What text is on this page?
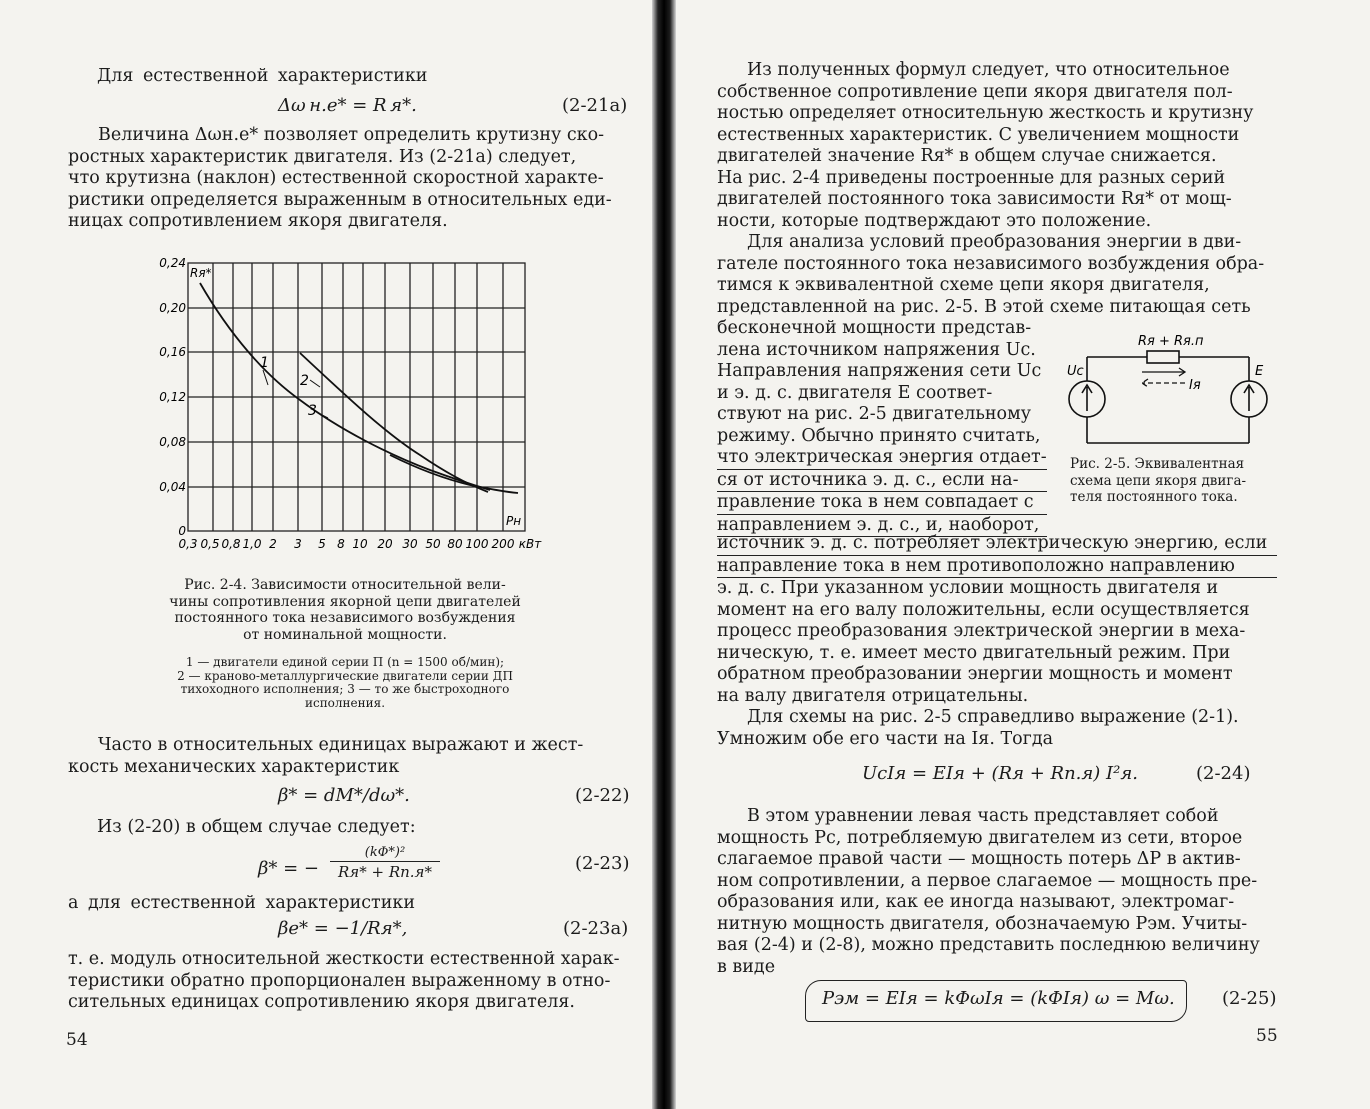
Для естественной характеристики
Δω н.е* = R я*.	(2-21a)
Величина Δωн.е* позволяет определить крутизну ско-
ростных характеристик двигателя. Из (2-21а) следует,
что крутизна (наклон) естественной скоростной характе-
ристики определяется выраженным в относительных еди-
ницах сопротивлением якоря двигателя.
1
2
3
Rя*
Pн
0,24
0,20
0,16
0,12
0,08
0,04
0
0,3 0,5 0,8 1,0 2 3 5 8 10 20 30 50 80 100 200 кВт
Рис. 2-4. Зависимости относительной вели-
чины сопротивления якорной цепи двигателей
постоянного тока независимого возбуждения
от номинальной мощности.
1 — двигатели единой серии П (n = 1500 об/мин);
2 — крановo-металлургические двигатели серии ДП
тихоходного исполнения; 3 — то же быстроходного
исполнения.
Часто в относительных единицах выражают и жест-
кость механических характеристик
β* = dM*/dω*.	(2-22)
Из (2-20) в общем случае следует:
β* = −
(kΦ*)²
Rя* + Rп.я*	(2-23)
а для естественной характеристики
βе* = −1/Rя*,	(2-23а)
т. е. модуль относительной жесткости естественной харак-
теристики обратно пропорционален выраженному в отно-
сительных единицах сопротивлению якоря двигателя.
54
Из полученных формул следует, что относительное
собственное сопротивление цепи якоря двигателя пол-
ностью определяет относительную жесткость и крутизну
естественных характеристик. С увеличением мощности
двигателей значение Rя* в общем случае снижается.
На рис. 2-4 приведены построенные для разных серий
двигателей постоянного тока зависимости Rя* от мощ-
ности, которые подтверждают это положение.
Для анализа условий преобразования энергии в дви-
гателе постоянного тока независимого возбуждения обра-
тимся к эквивалентной схеме цепи якоря двигателя,
представленной на рис. 2-5. В этой схеме питающая сеть
бесконечной мощности представ-
лена источником напряжения Uс.
Направления напряжения сети Uс
и э. д. с. двигателя E соответ-
ствуют на рис. 2-5 двигательному
режиму. Обычно принято считать,
что электрическая энергия отдает-
ся от источника э. д. с., если на-
правление тока в нем совпадает с
направлением э. д. с., и, наоборот,
Rя + Rя.п
Uc	E
Iя
Рис. 2-5. Эквивалентная
схема цепи якоря двига-
теля постоянного тока.
источник э. д. с. потребляет электрическую энергию, если
направление тока в нем противоположно направлению
э. д. с. При указанном условии мощность двигателя и
момент на его валу положительны, если осуществляется
процесс преобразования электрической энергии в меха-
ническую, т. е. имеет место двигательный режим. При
обратном преобразовании энергии мощность и момент
на валу двигателя отрицательны.
Для схемы на рис. 2-5 справедливо выражение (2-1).
Умножим обе его части на Iя. Тогда
UсIя = EIя + (Rя + Rп.я) I²я.	(2-24)
В этом уравнении левая часть представляет собой
мощность Pс, потребляемую двигателем из сети, второе
слагаемое правой части — мощность потерь ΔP в актив-
ном сопротивлении, а первое слагаемое — мощность пре-
образования или, как ее иногда называют, электромаг-
нитную мощность двигателя, обозначаемую Pэм. Учиты-
вая (2-4) и (2-8), можно представить последнюю величину
в виде
Pэм = EIя = kΦωIя = (kΦIя) ω = Mω.	(2-25)
55
